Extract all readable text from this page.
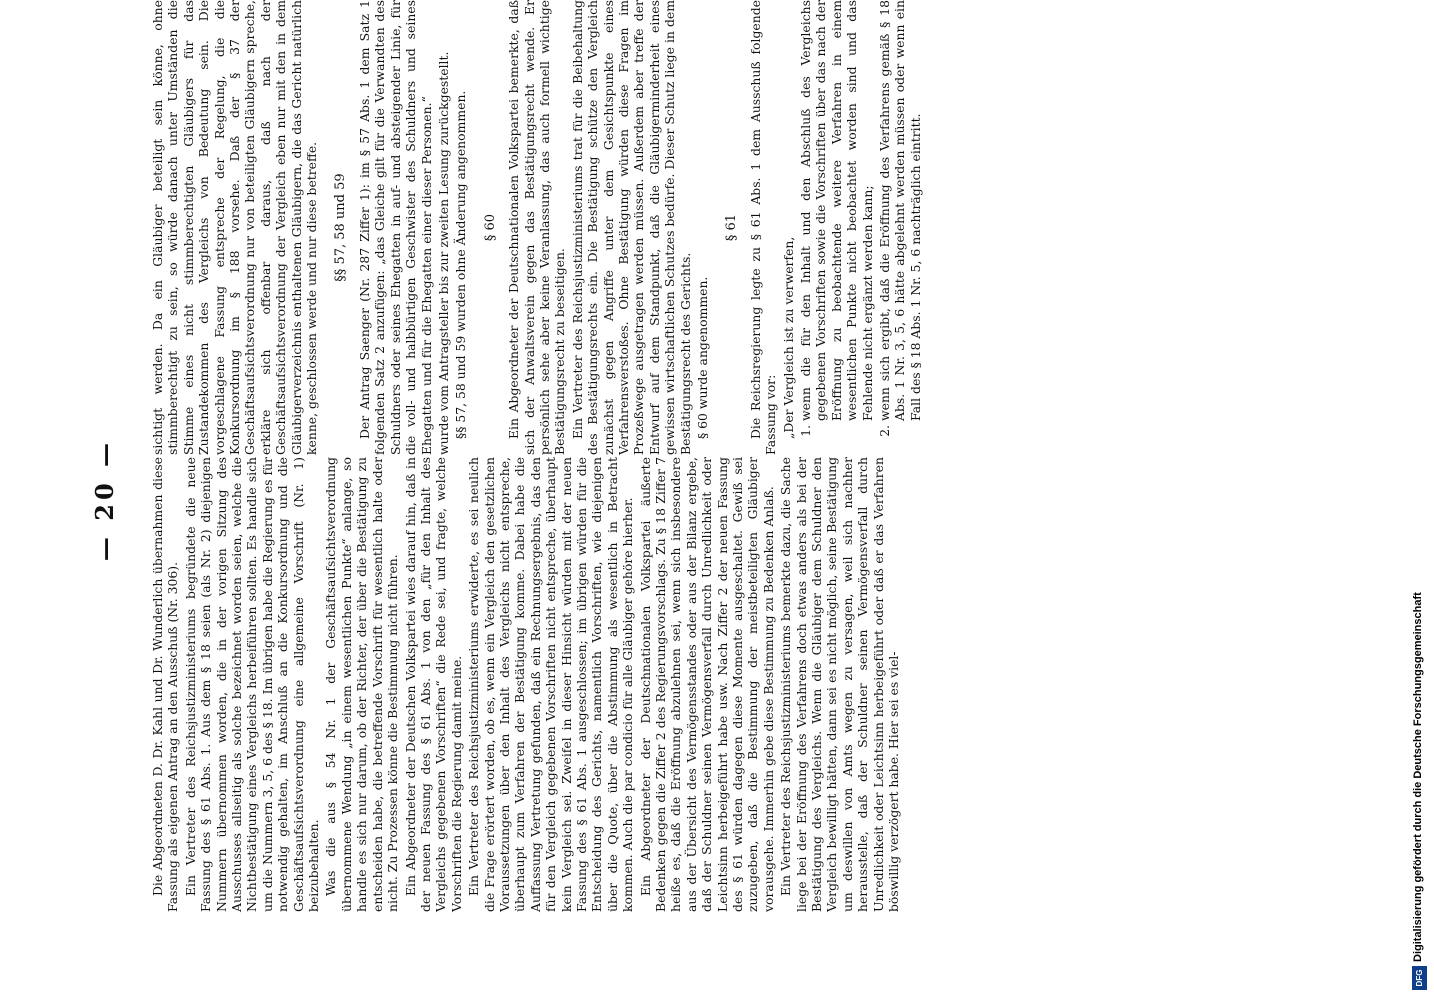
— 20 —	Die Abgeordneten D. Dr. Kahl und Dr. Wunderlich übernahmen diese Fassung als eigenen Antrag an den Ausschuß (Nr. 306). Ein Vertreter des Reichsjustizministeriums begründete die neue Fassung des § 61 Abs. 1. Aus dem § 18 seien (als Nr. 2) diejenigen Nummern übernommen worden, die in der vorigen Sitzung des Ausschusses allseitig als solche bezeichnet worden seien, welche die Nichtbestätigung eines Vergleichs herbeiführen sollten. Es handle sich um die Nummern 3, 5, 6 des § 18. Im übrigen habe die Regierung es für notwendig gehalten, im Anschluß an die Konkursordnung und die Geschäftsaufsichtsverordnung eine allgemeine Vorschrift (Nr. 1) beizubehalten. Was die aus § 54 Nr. 1 der Geschäftsaufsichtsverordnung übernommene Wendung „in einem wesentlichen Punkte“ anlange, so handle es sich nur darum, ob der Richter, der über die Bestätigung zu entscheiden habe, die betreffende Vorschrift für wesentlich halte oder nicht. Zu Prozessen könne die Bestimmung nicht führen. Ein Abgeordneter der Deutschen Volkspartei wies darauf hin, daß in der neuen Fassung des § 61 Abs. 1 von den „für den Inhalt des Vergleichs gegebenen Vorschriften“ die Rede sei, und fragte, welche Vorschriften die Regierung damit meine. Ein Vertreter des Reichsjustizministeriums erwiderte, es sei neulich die Frage erörtert worden, ob es, wenn ein Vergleich den gesetzlichen Voraussetzungen über den Inhalt des Vergleichs nicht entspreche, überhaupt zum Verfahren der Bestätigung komme. Dabei habe die Auffassung Vertretung gefunden, daß ein Rechnungsergebnis, das den für den Vergleich gegebenen Vorschriften nicht entspreche, überhaupt kein Vergleich sei. Zweifel in dieser Hinsicht würden mit der neuen Fassung des § 61 Abs. 1 ausgeschlossen; im übrigen würden für die Entscheidung des Gerichts, namentlich Vorschriften, wie diejenigen über die Quote, über die Abstimmung als wesentlich in Betracht kommen. Auch die par condicio für alle Gläubiger gehöre hierher. Ein Abgeordneter der Deutschnationalen Volkspartei äußerte Bedenken gegen die Ziffer 2 des Regierungsvorschlags. Zu § 18 Ziffer 7 heiße es, daß die Eröffnung abzulehnen sei, wenn sich insbesondere aus der Übersicht des Vermögensstandes oder aus der Bilanz ergebe, daß der Schuldner seinen Vermögensverfall durch Unredlichkeit oder Leichtsinn herbeigeführt habe usw. Nach Ziffer 2 der neuen Fassung des § 61 würden dagegen diese Momente ausgeschaltet. Gewiß sei zuzugeben, daß die Bestimmung der meistbeteiligten Gläubiger vorausgehe. Immerhin gebe diese Bestimmung zu Bedenken Anlaß. Ein Vertreter des Reichsjustizministeriums bemerkte dazu, die Sache liege bei der Eröffnung des Verfahrens doch etwas anders als bei der Bestätigung des Vergleichs. Wenn die Gläubiger dem Schuldner den Vergleich bewilligt hätten, dann sei es nicht möglich, seine Bestätigung um deswillen von Amts wegen zu versagen, weil sich nachher herausstelle, daß der Schuldner seinen Vermögensverfall durch Unredlichkeit oder Leichtsinn herbeigeführt oder daß er das Verfahren böswillig verzögert habe. Hier sei es viel-

sichtigt werden. Da ein Gläubiger beteiligt sein könne, ohne stimmberechtigt zu sein, so würde danach unter Umständen die Stimme eines nicht stimmberechtigten Gläubigers für das Zustandekommen des Vergleichs von Bedeutung sein. Die vorgeschlagene Fassung entspreche der Regelung, die die Konkursordnung im § 188 vorsehe. Daß der § 37 der Geschäftsaufsichtsverordnung nur von beteiligten Gläubigern spreche, erkläre sich offenbar daraus, daß nach der Geschäftsaufsichtsverordnung der Vergleich eben nur mit den in dem Gläubigerverzeichnis enthaltenen Gläubigern, die das Gericht natürlich kenne, geschlossen werde und nur diese betreffe. §§ 57, 58 und 59 Der Antrag Saenger (Nr. 287 Ziffer 1): im § 57 Abs. 1 dem Satz 1 folgenden Satz 2 anzufügen: „das Gleiche gilt für die Verwandten des Schuldners oder seines Ehegatten in auf- und absteigender Linie, für die voll- und halbbürtigen Geschwister des Schuldners und seines Ehegatten und für die Ehegatten einer dieser Personen.“ wurde vom Antragsteller bis zur zweiten Lesung zurückgestellt. §§ 57, 58 und 59 wurden ohne Änderung angenommen. § 60 Ein Abgeordneter der Deutschnationalen Volkspartei bemerkte, daß sich der Anwaltsverein gegen das Bestätigungsrecht wende. Er persönlich sehe aber keine Veranlassung, das auch formell wichtige Bestätigungsrecht zu beseitigen. Ein Vertreter des Reichsjustizministeriums trat für die Beibehaltung des Bestätigungsrechts ein. Die Bestätigung schütze den Vergleich zunächst gegen Angriffe unter dem Gesichtspunkte eines Verfahrensverstoßes. Ohne Bestätigung würden diese Fragen im Prozeßwege ausgetragen werden müssen. Außerdem aber treffe der Entwurf auf dem Standpunkt, daß die Gläubigerminderheit eines gewissen wirtschaftlichen Schutzes bedürfe. Dieser Schutz liege in dem Bestätigungsrecht des Gerichts. § 60 wurde angenommen.

§ 61 Die Reichsregierung legte zu § 61 Abs. 1 dem Ausschuß folgende Fassung vor: „Der Vergleich ist zu verwerfen, 1. wenn die für den Inhalt und den Abschluß des Vergleichs gegebenen Vorschriften sowie die Vorschriften über das nach der Eröffnung zu beobachtende weitere Verfahren in einem wesentlichen Punkte nicht beobachtet worden sind und das Fehlende nicht ergänzt werden kann; 2. wenn sich ergibt, daß die Eröffnung des Verfahrens gemäß § 18 Abs. 1 Nr. 3, 5, 6 hätte abgelehnt werden müssen oder wenn ein Fall des § 18 Abs. 1 Nr. 5, 6 nachträglich eintritt.
DFG
Digitalisierung gefördert durch die Deutsche Forschungsgemeinschaft
